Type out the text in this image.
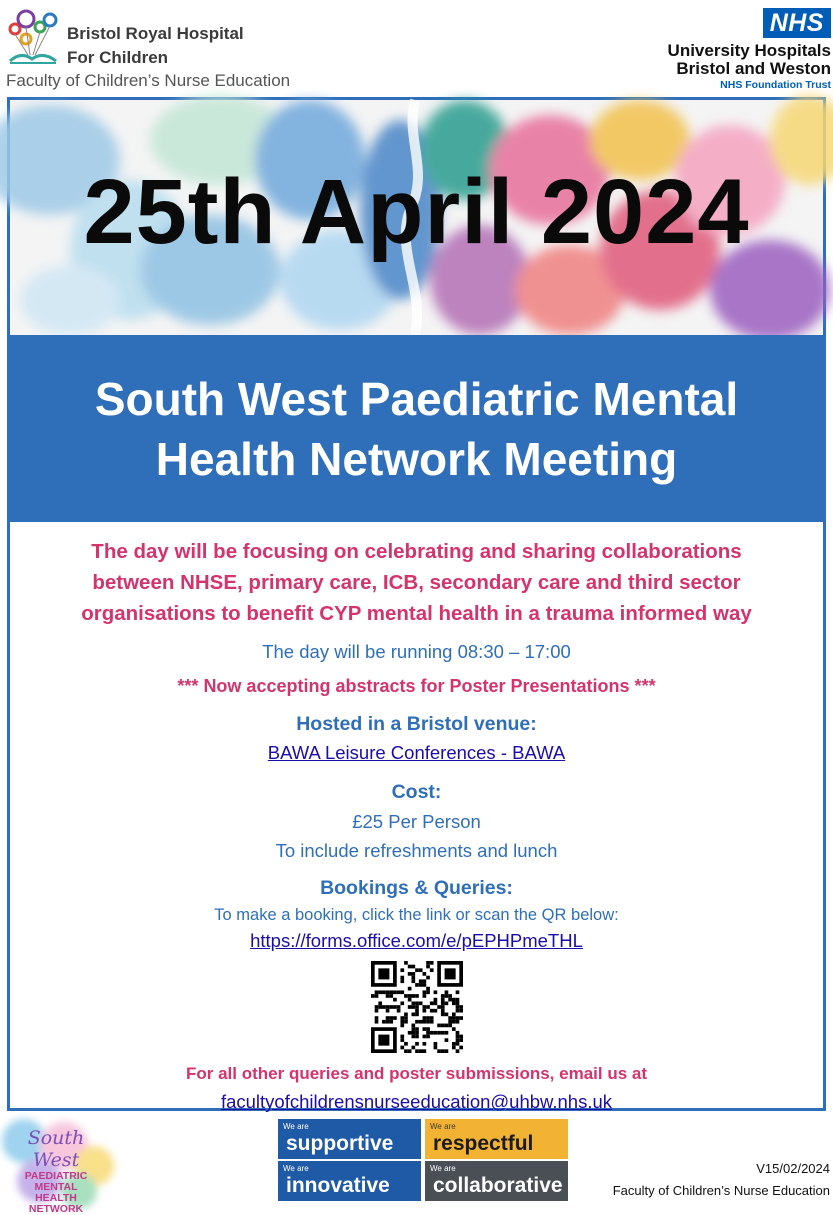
Bristol Royal Hospital
For Children
Faculty of Children’s Nurse Education
NHS
University Hospitals
Bristol and Weston
NHS Foundation Trust
25th April 2024
South West Paediatric Mental
Health Network Meeting

The day will be focusing on celebrating and sharing collaborations
between NHSE, primary care, ICB, secondary care and third sector
organisations to benefit CYP mental health in a trauma informed way

The day will be running 08:30 – 17:00

*** Now accepting abstracts for Poster Presentations ***

Hosted in a Bristol venue:

BAWA Leisure Conferences - BAWA

Cost:

£25 Per Person

To include refreshments and lunch

Bookings & Queries:

To make a booking, click the link or scan the QR below:

https://forms.office.com/e/pEPHPmeTHL

For all other queries and poster submissions, email us at

facultyofchildrensnurseeducation@uhbw.nhs.uk
South West
PAEDIATRIC
MENTAL
HEALTH
NETWORK
We are
supportive
We are
respectful
We are
innovative
We are
collaborative
V15/02/2024
Faculty of Children’s Nurse Education
